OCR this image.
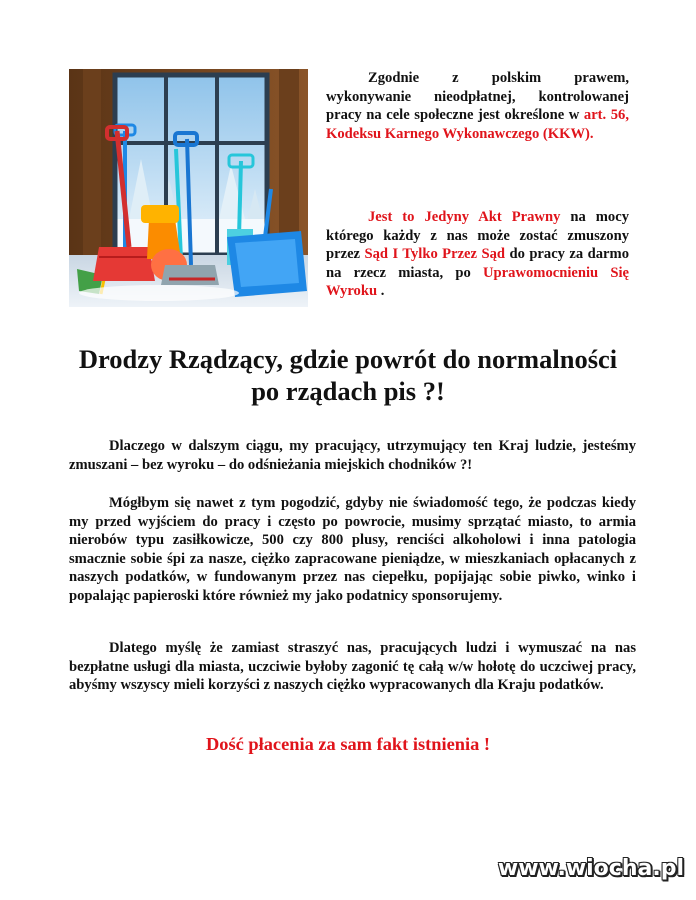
Zgodnie z polskim prawem, wykonywanie nieodpłatnej, kontrolowanej pracy na cele społeczne jest określone w art. 56, Kodeksu Karnego Wykonawczego (KKW).

Jest to Jedyny Akt Prawny na mocy którego każdy z nas może zostać zmuszony przez Sąd I Tylko Przez Sąd do pracy za darmo na rzecz miasta, po Uprawomocnieniu Się Wyroku .

Drodzy Rządzący, gdzie powrót do normalności
po rządach pis ?!

Dlaczego w dalszym ciągu, my pracujący, utrzymujący ten Kraj ludzie, jesteśmy zmuszani – bez wyroku – do odśnieżania miejskich chodników ?!

Mógłbym się nawet z tym pogodzić, gdyby nie świadomość tego, że podczas kiedy my przed wyjściem do pracy i często po powrocie, musimy sprzątać miasto, to armia nierobów typu zasiłkowicze, 500 czy 800 plusy, renciści alkoholowi i inna patologia smacznie sobie śpi za nasze, ciężko zapracowane pieniądze, w mieszkaniach opłacanych z naszych podatków, w fundowanym przez nas ciepełku, popijając sobie piwko, winko i popalając papieroski które również my jako podatnicy sponsorujemy.

Dlatego myślę że zamiast straszyć nas, pracujących ludzi i wymuszać na nas bezpłatne usługi dla miasta, uczciwie byłoby zagonić tę całą w/w hołotę do uczciwej pracy, abyśmy wszyscy mieli korzyści z naszych ciężko wypracowanych dla Kraju podatków.

Dość płacenia za sam fakt istnienia !

www.wiocha.pl
